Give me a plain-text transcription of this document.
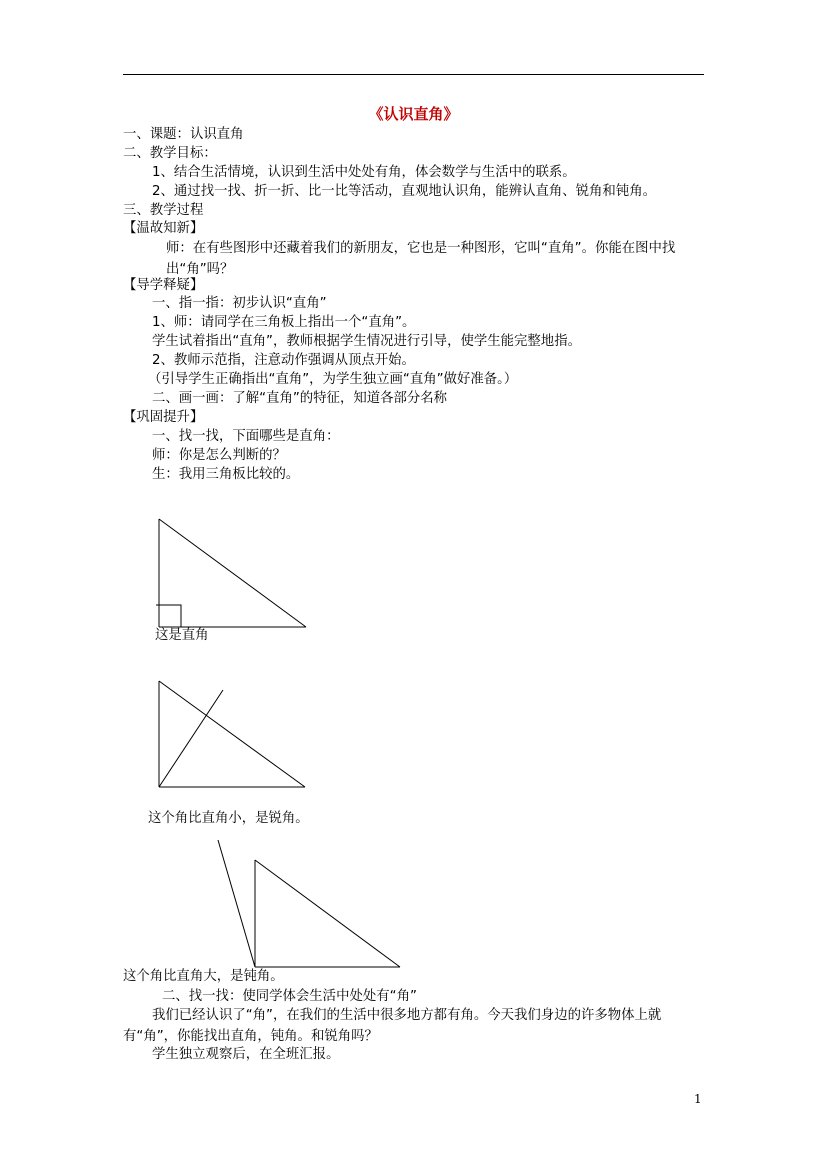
《认识直角》
一、课题：认识直角
二、教学目标：
1、结合生活情境，认识到生活中处处有角，体会数学与生活中的联系。
2、通过找一找、折一折、比一比等活动，直观地认识角，能辨认直角、锐角和钝角。
三、教学过程
【温故知新】
师：在有些图形中还藏着我们的新朋友，它也是一种图形，它叫“直角”。你能在图中找出“角”吗？
【导学释疑】
一、指一指：初步认识“直角”
1、师：请同学在三角板上指出一个“直角”。
学生试着指出“直角”，教师根据学生情况进行引导，使学生能完整地指。
2、教师示范指，注意动作强调从顶点开始。
（引导学生正确指出“直角”，为学生独立画“直角”做好准备。）
二、画一画：了解“直角”的特征，知道各部分名称
【巩固提升】
一、找一找，下面哪些是直角：
师：你是怎么判断的？
生：我用三角板比较的。
这是直角
这个角比直角小，是锐角。
这个角比直角大，是钝角。
二、找一找：使同学体会生活中处处有“角”
我们已经认识了“角”，在我们的生活中很多地方都有角。今天我们身边的许多物体上就有“角”，你能找出直角，钝角。和锐角吗？
学生独立观察后，在全班汇报。
1
